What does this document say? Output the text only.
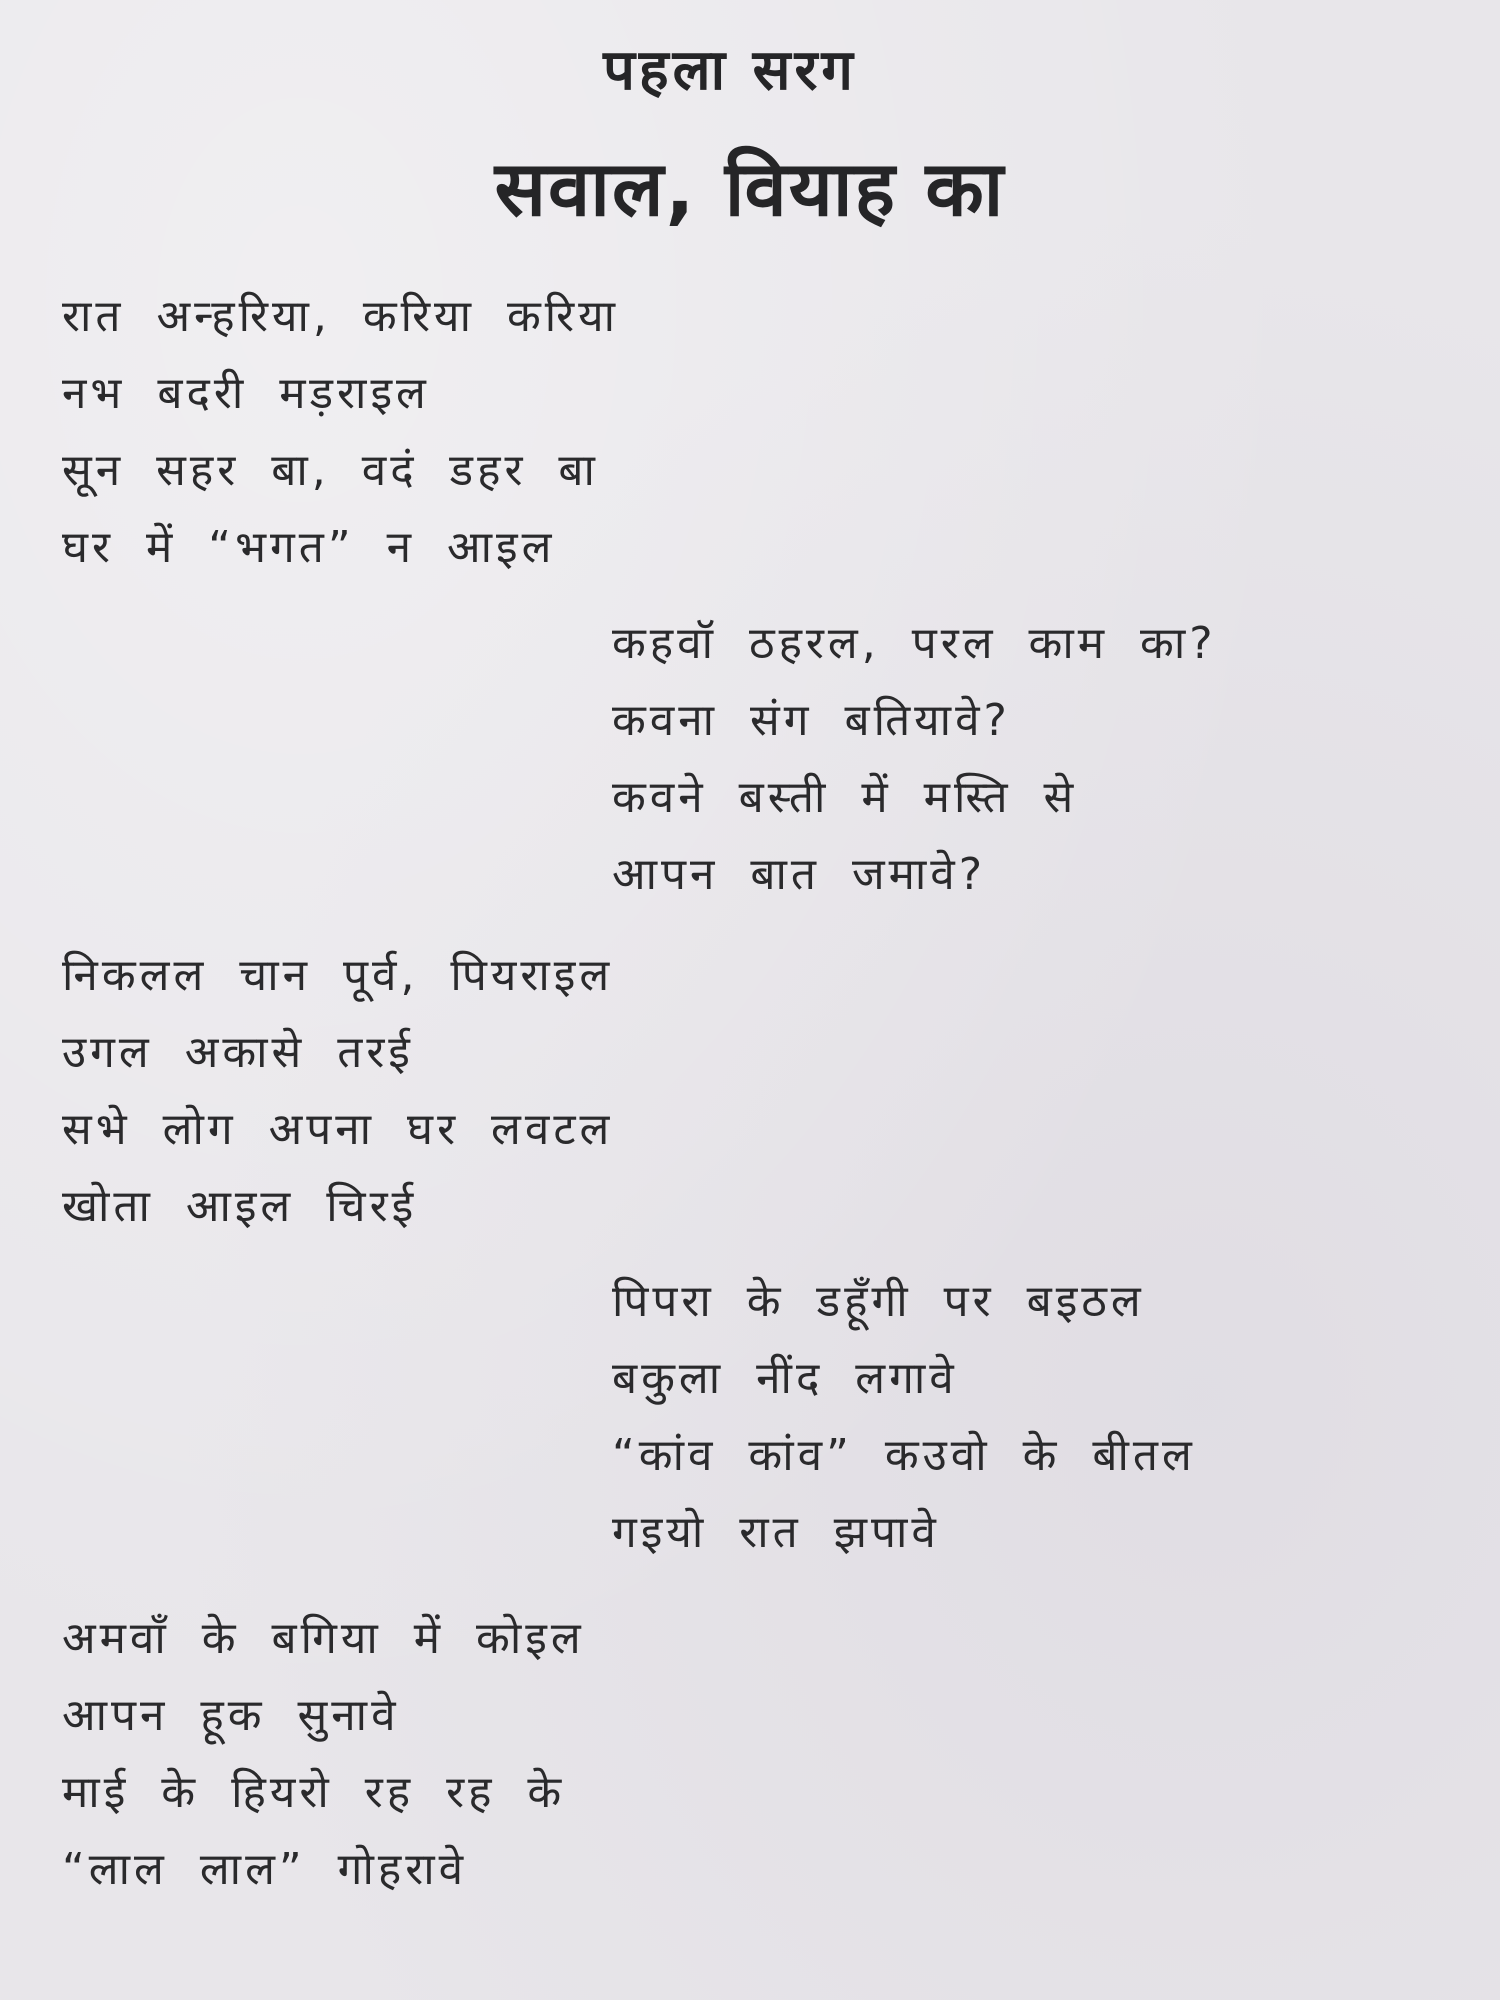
पहला सरग
सवाल, वियाह का
रात अन्हरिया, करिया करिया
नभ बदरी मड़राइल
सून सहर बा, वदं डहर बा
घर में “भगत” न आइल
कहवॉ ठहरल, परल काम का?
कवना संग बतियावे?
कवने बस्ती में मस्ति से
आपन बात जमावे?
निकलल चान पूर्व, पियराइल
उगल अकासे तरई
सभे लोग अपना घर लवटल
खोता आइल चिरई
पिपरा के डहूँगी पर बइठल
बकुला नींद लगावे
“कांव कांव” कउवो के बीतल
गइयो रात झपावे
अमवाँ के बगिया में कोइल
आपन हूक सुनावे
माई के हियरो रह रह के
“लाल लाल” गोहरावे
